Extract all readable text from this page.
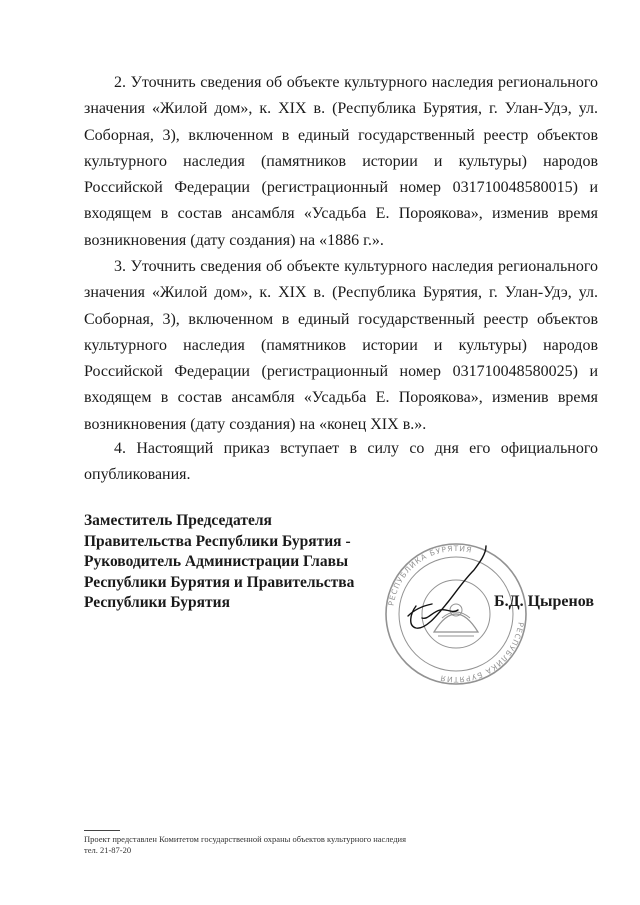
2. Уточнить сведения об объекте культурного наследия регионального значения «Жилой дом», к. XIX в. (Республика Бурятия, г. Улан-Удэ, ул. Соборная, 3), включенном в единый государственный реестр объектов культурного наследия (памятников истории и культуры) народов Российской Федерации (регистрационный номер 031710048580015) и входящем в состав ансамбля «Усадьба Е. Пороякова», изменив время возникновения (дату создания) на «1886 г.».

3. Уточнить сведения об объекте культурного наследия регионального значения «Жилой дом», к. XIX в. (Республика Бурятия, г. Улан-Удэ, ул. Соборная, 3), включенном в единый государственный реестр объектов культурного наследия (памятников истории и культуры) народов Российской Федерации (регистрационный номер 031710048580025) и входящем в состав ансамбля «Усадьба Е. Пороякова», изменив время возникновения (дату создания) на «конец XIX в.».

4. Настоящий приказ вступает в силу со дня его официального опубликования.

Заместитель Председателя
Правительства Республики Бурятия -
Руководитель Администрации Главы
Республики Бурятия и Правительства
Республики Бурятия	РЕСПУБЛИКА БУРЯТИЯ
РЕСПУБЛИКА БУРЯТИЯ
Б.Д. Цыренов
Проект представлен Комитетом государственной охраны объектов культурного наследия
тел. 21-87-20
